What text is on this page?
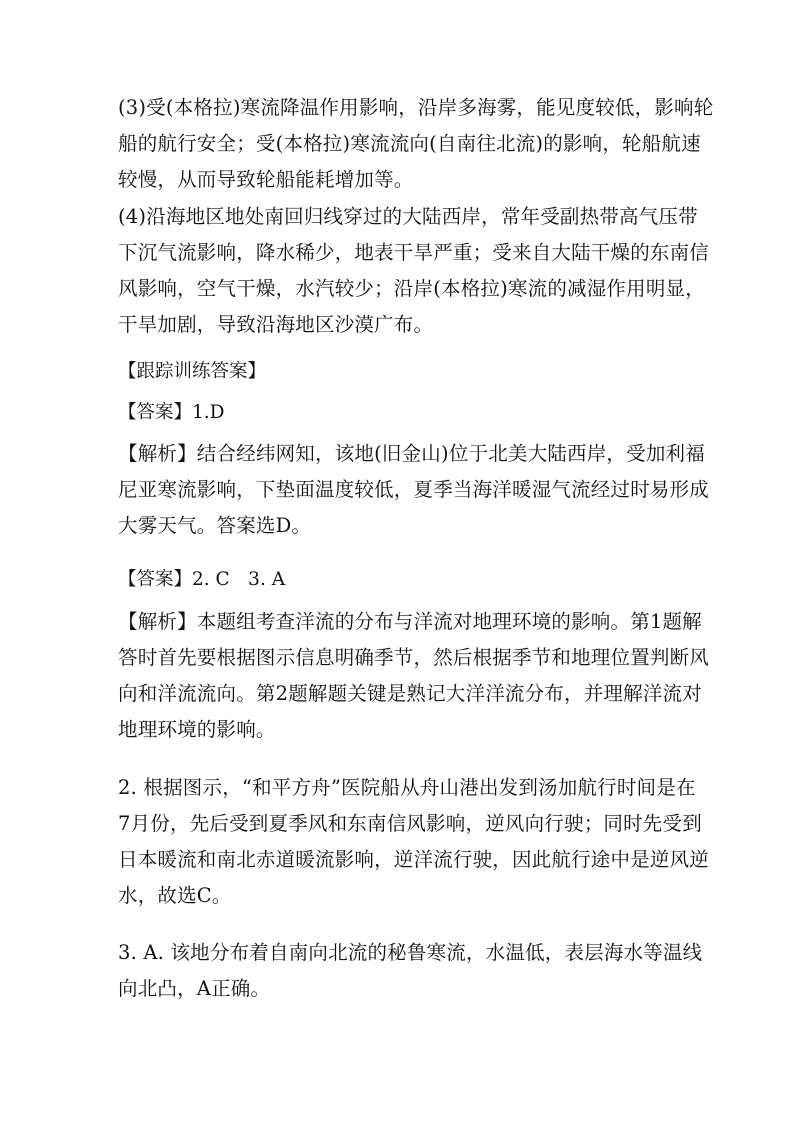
(3)受(本格拉)寒流降温作用影响，沿岸多海雾，能见度较低，影响轮
船的航行安全；受(本格拉)寒流流向(自南往北流)的影响，轮船航速
较慢，从而导致轮船能耗增加等。
(4)沿海地区地处南回归线穿过的大陆西岸，常年受副热带高气压带
下沉气流影响，降水稀少，地表干旱严重；受来自大陆干燥的东南信
风影响，空气干燥，水汽较少；沿岸(本格拉)寒流的减湿作用明显，
干旱加剧，导致沿海地区沙漠广布。

【跟踪训练答案】

【答案】1.D

【解析】结合经纬网知，该地(旧金山)位于北美大陆西岸，受加利福
尼亚寒流影响，下垫面温度较低，夏季当海洋暖湿气流经过时易形成
大雾天气。答案选D。

【答案】2. C　3. A

【解析】本题组考查洋流的分布与洋流对地理环境的影响。第1题解
答时首先要根据图示信息明确季节，然后根据季节和地理位置判断风
向和洋流流向。第2题解题关键是熟记大洋洋流分布，并理解洋流对
地理环境的影响。
2. 根据图示，“和平方舟”医院船从舟山港出发到汤加航行时间是在
7月份，先后受到夏季风和东南信风影响，逆风向行驶；同时先受到
日本暖流和南北赤道暖流影响，逆洋流行驶，因此航行途中是逆风逆
水，故选C。
3. A. 该地分布着自南向北流的秘鲁寒流，水温低，表层海水等温线
向北凸，A正确。
